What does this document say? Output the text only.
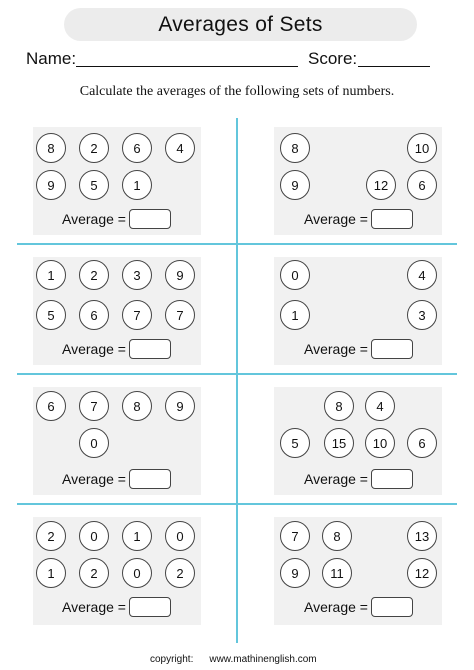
Averages of Sets
Name:	Score:
Calculate the averages of the following sets of numbers.
8	2	6	4
9	5	1
Average =
8	10
9	12	6
Average =
1	2	3	9
5	6	7	7
Average =
0	4
1	3
Average =
6	7	8	9
0
Average =
8	4
5	15	10	6
Average =
2	0	1	0
1	2	0	2
Average =
7	8	13
9	11	12
Average =
copyright: www.mathinenglish.com
